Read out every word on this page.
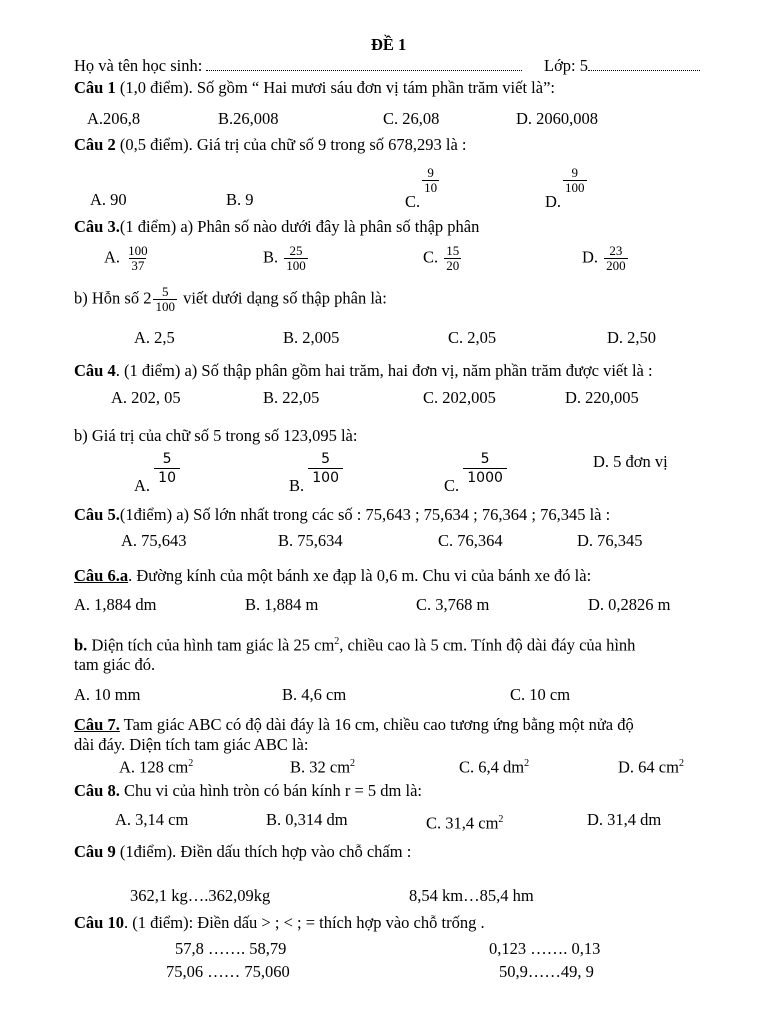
ĐỀ 1
Họ và tên học sinh:	Lớp: 5
Câu 1 (1,0 điểm). Số gồm “ Hai mươi sáu đơn vị tám phần trăm viết là”:
A.206,8	B.26,008	C. 26,08	D. 2060,008
Câu 2 (0,5 điểm). Giá trị của chữ số 9 trong số 678,293 là :
A. 90	B. 9	C.
$\frac{9}{10}$
D.
$\frac{9}{100}$
Câu 3.(1 điểm) a) Phân số nào dưới đây là phân số thập phân
A. $\frac{100}{37}$	B. $\frac{25}{100}$	C. $\frac{15}{20}$	D. $\frac{23}{200}$
b) Hỗn số $2 \frac{5}{100}$ viết dưới dạng số thập phân là:
A. 2,5	B. 2,005	C. 2,05	D. 2,50
Câu 4. (1 điểm) a) Số thập phân gồm hai trăm, hai đơn vị, năm phần trăm được viết là :
A. 202, 05	B. 22,05	C. 202,005	D. 220,005
b) Giá trị của chữ số 5 trong số 123,095 là:
A. $\frac{5}{10}$	B. $\frac{5}{100}$	C. $\frac{5}{1000}$	D. 5 đơn vị
Câu 5.(1điểm) a) Số lớn nhất trong các số : 75,643 ; 75,634 ; 76,364 ; 76,345 là :
A. 75,643	B. 75,634	C. 76,364	D. 76,345
Câu 6.a. Đường kính của một bánh xe đạp là 0,6 m. Chu vi của bánh xe đó là:
A. 1,884 dm	B. 1,884 m	C. 3,768 m	D. 0,2826 m
b. Diện tích của hình tam giác là 25 $cm^2$, chiều cao là 5 cm. Tính độ dài đáy của hình
tam giác đó.
A. 10 mm	B. 4,6 cm	C. 10 cm
Câu 7. Tam giác ABC có độ dài đáy là 16 cm, chiều cao tương ứng bằng một nửa độ
dài đáy. Diện tích tam giác ABC là:
A. 128 $cm^2$	B. 32 $cm^2$	C. 6,4 $dm^2$	D. 64 $cm^2$
Câu 8. Chu vi của hình tròn có bán kính r = 5 dm là:
A. 3,14 cm	B. 0,314 dm	C. 31,4 $cm^2$	D. 31,4 dm
Câu 9 (1điểm). Điền dấu thích hợp vào chỗ chấm :
362,1 kg….362,09kg	8,54 km…85,4 hm
Câu 10. (1 điểm): Điền dấu > ; < ; = thích hợp vào chỗ trống .
57,8 ……. 58,79	0,123 ……. 0,13
75,06 …… 75,060	50,9……49, 9
